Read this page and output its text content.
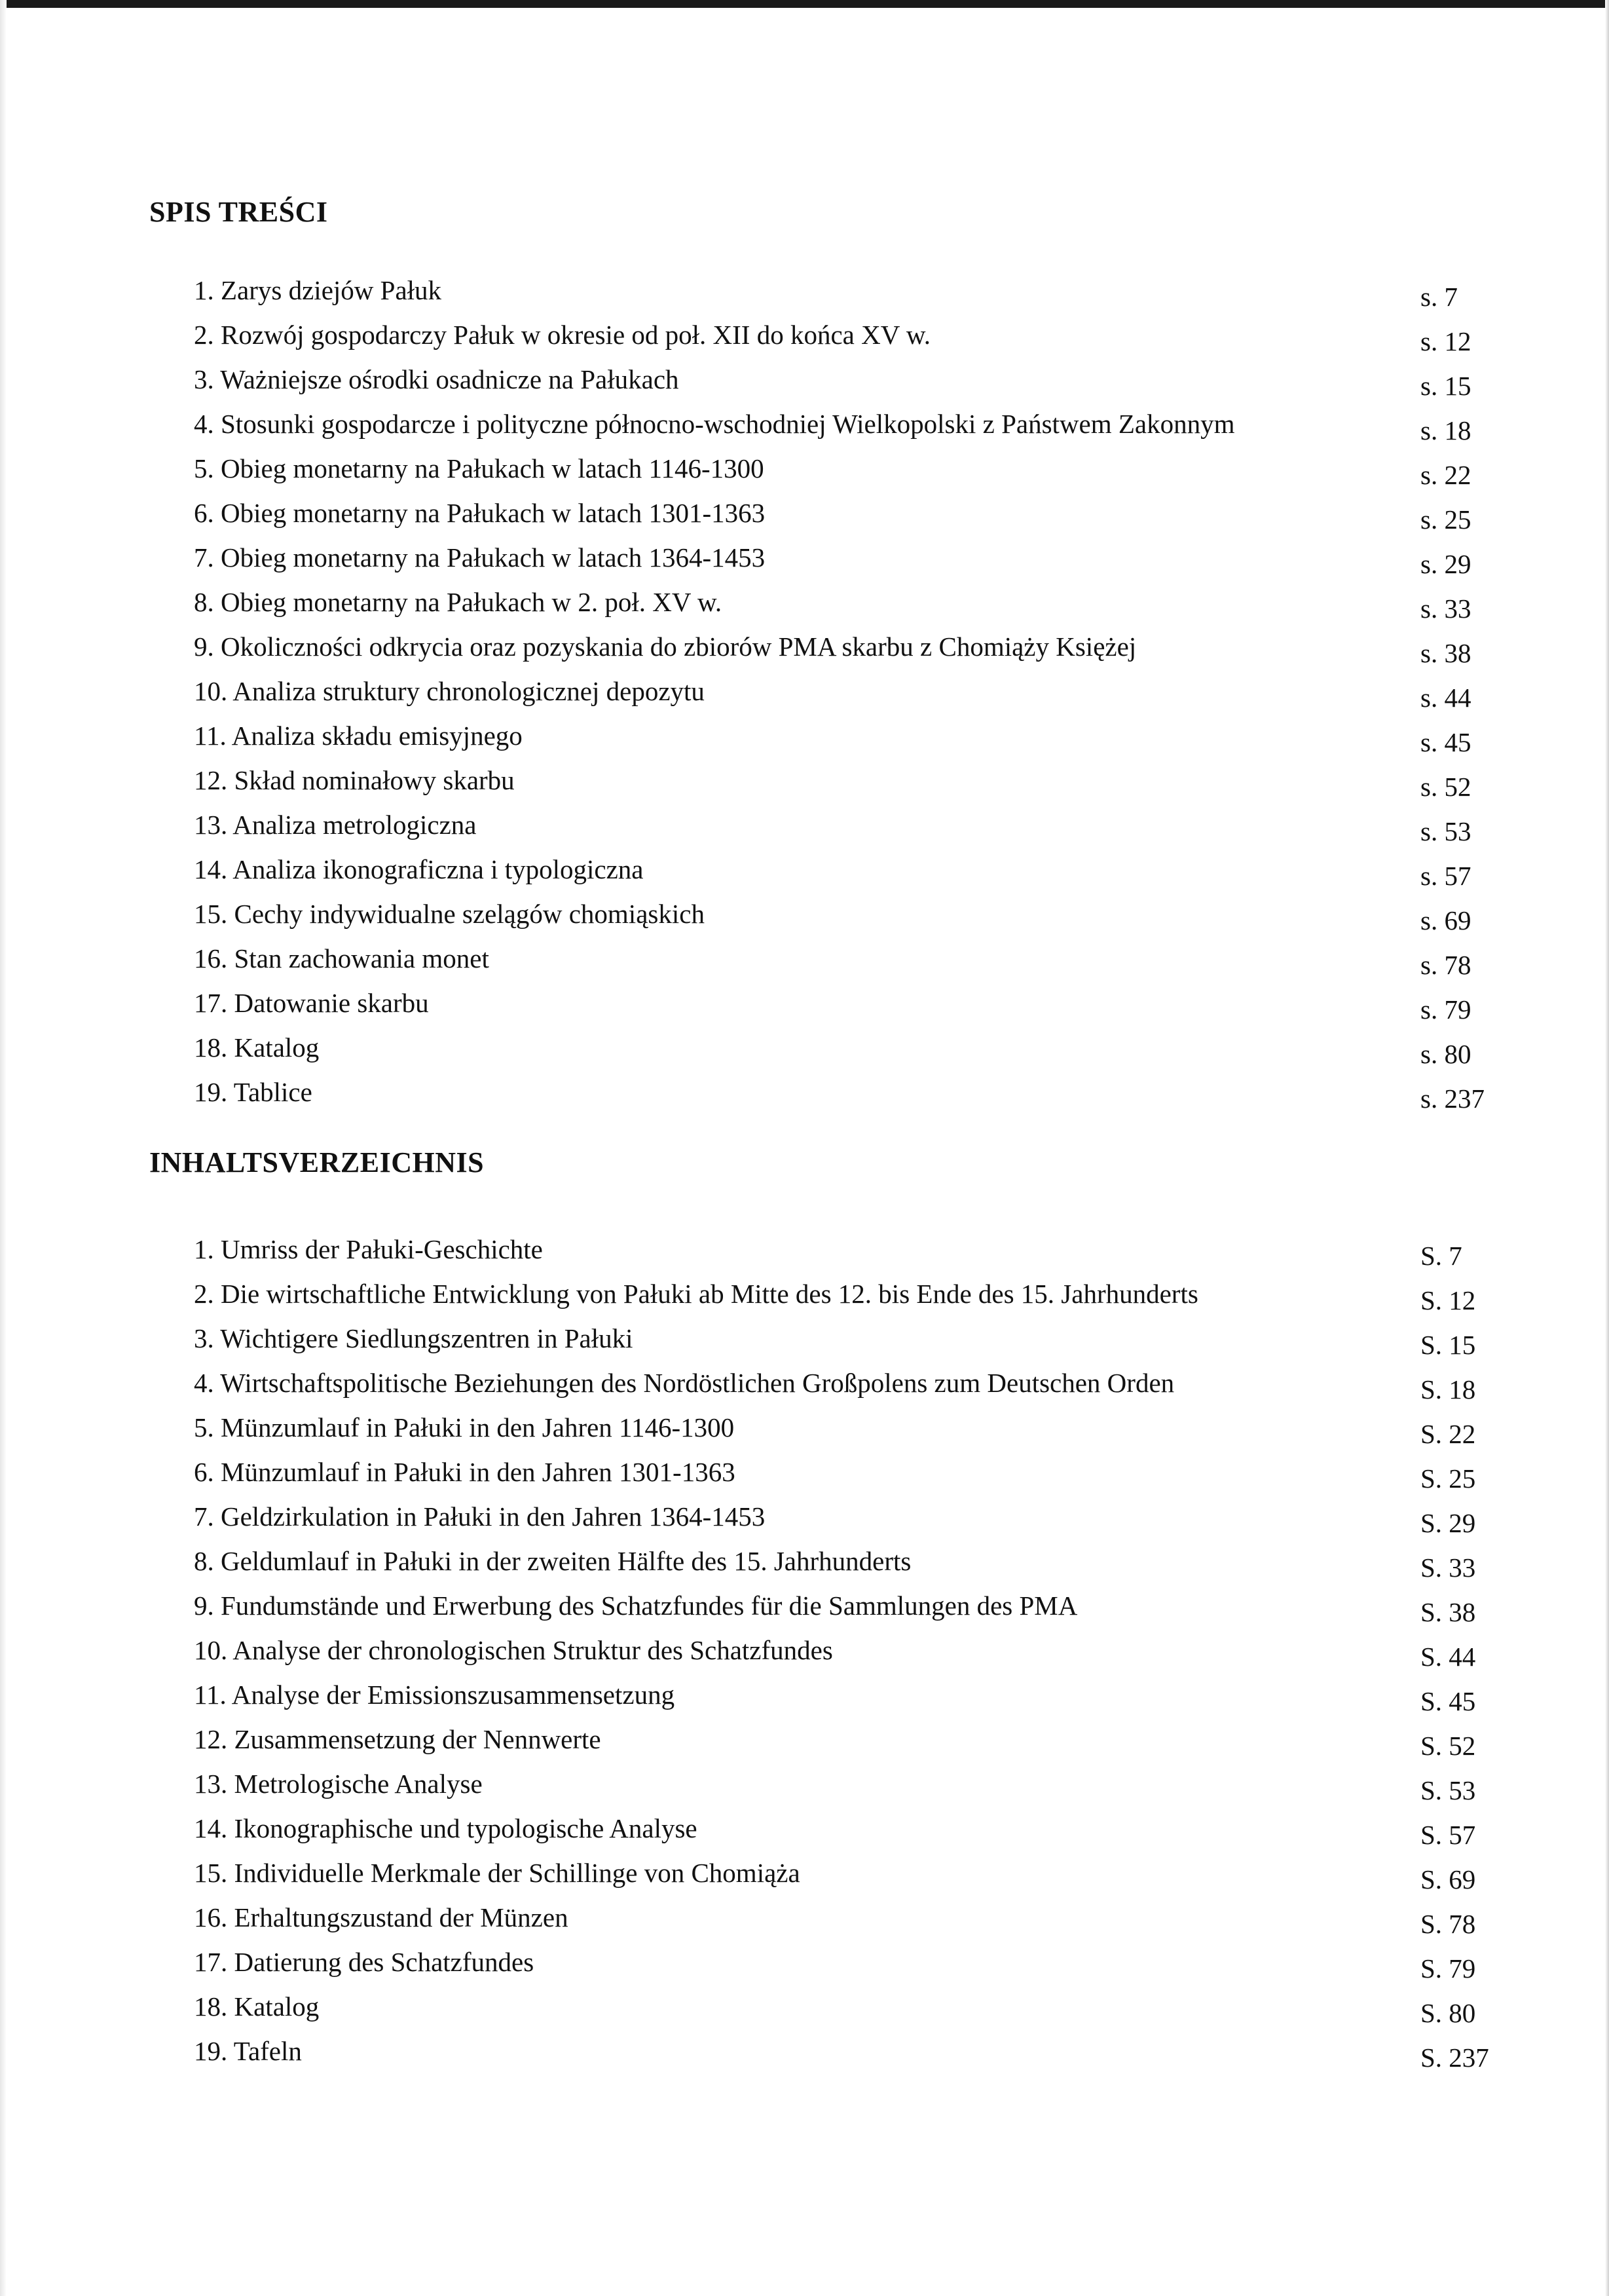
SPIS TREŚCI
1. Zarys dziejów Pałuk	s. 7
2. Rozwój gospodarczy Pałuk w okresie od poł. XII do końca XV w.	s. 12
3. Ważniejsze ośrodki osadnicze na Pałukach	s. 15
4. Stosunki gospodarcze i polityczne północno-wschodniej Wielkopolski z Państwem Zakonnym	s. 18
5. Obieg monetarny na Pałukach w latach 1146-1300	s. 22
6. Obieg monetarny na Pałukach w latach 1301-1363	s. 25
7. Obieg monetarny na Pałukach w latach 1364-1453	s. 29
8. Obieg monetarny na Pałukach w 2. poł. XV w.	s. 33
9. Okoliczności odkrycia oraz pozyskania do zbiorów PMA skarbu z Chomiąży Księżej	s. 38
10. Analiza struktury chronologicznej depozytu	s. 44
11. Analiza składu emisyjnego	s. 45
12. Skład nominałowy skarbu	s. 52
13. Analiza metrologiczna	s. 53
14. Analiza ikonograficzna i typologiczna	s. 57
15. Cechy indywidualne szelągów chomiąskich	s. 69
16. Stan zachowania monet	s. 78
17. Datowanie skarbu	s. 79
18. Katalog	s. 80
19. Tablice	s. 237
INHALTSVERZEICHNIS
1. Umriss der Pałuki-Geschichte	S. 7
2. Die wirtschaftliche Entwicklung von Pałuki ab Mitte des 12. bis Ende des 15. Jahrhunderts	S. 12
3. Wichtigere Siedlungszentren in Pałuki	S. 15
4. Wirtschaftspolitische Beziehungen des Nordöstlichen Großpolens zum Deutschen Orden	S. 18
5. Münzumlauf in Pałuki in den Jahren 1146-1300	S. 22
6. Münzumlauf in Pałuki in den Jahren 1301-1363	S. 25
7. Geldzirkulation in Pałuki in den Jahren 1364-1453	S. 29
8. Geldumlauf in Pałuki in der zweiten Hälfte des 15. Jahrhunderts	S. 33
9. Fundumstände und Erwerbung des Schatzfundes für die Sammlungen des PMA	S. 38
10. Analyse der chronologischen Struktur des Schatzfundes	S. 44
11. Analyse der Emissionszusammensetzung	S. 45
12. Zusammensetzung der Nennwerte	S. 52
13. Metrologische Analyse	S. 53
14. Ikonographische und typologische Analyse	S. 57
15. Individuelle Merkmale der Schillinge von Chomiąża	S. 69
16. Erhaltungszustand der Münzen	S. 78
17. Datierung des Schatzfundes	S. 79
18. Katalog	S. 80
19. Tafeln	S. 237
